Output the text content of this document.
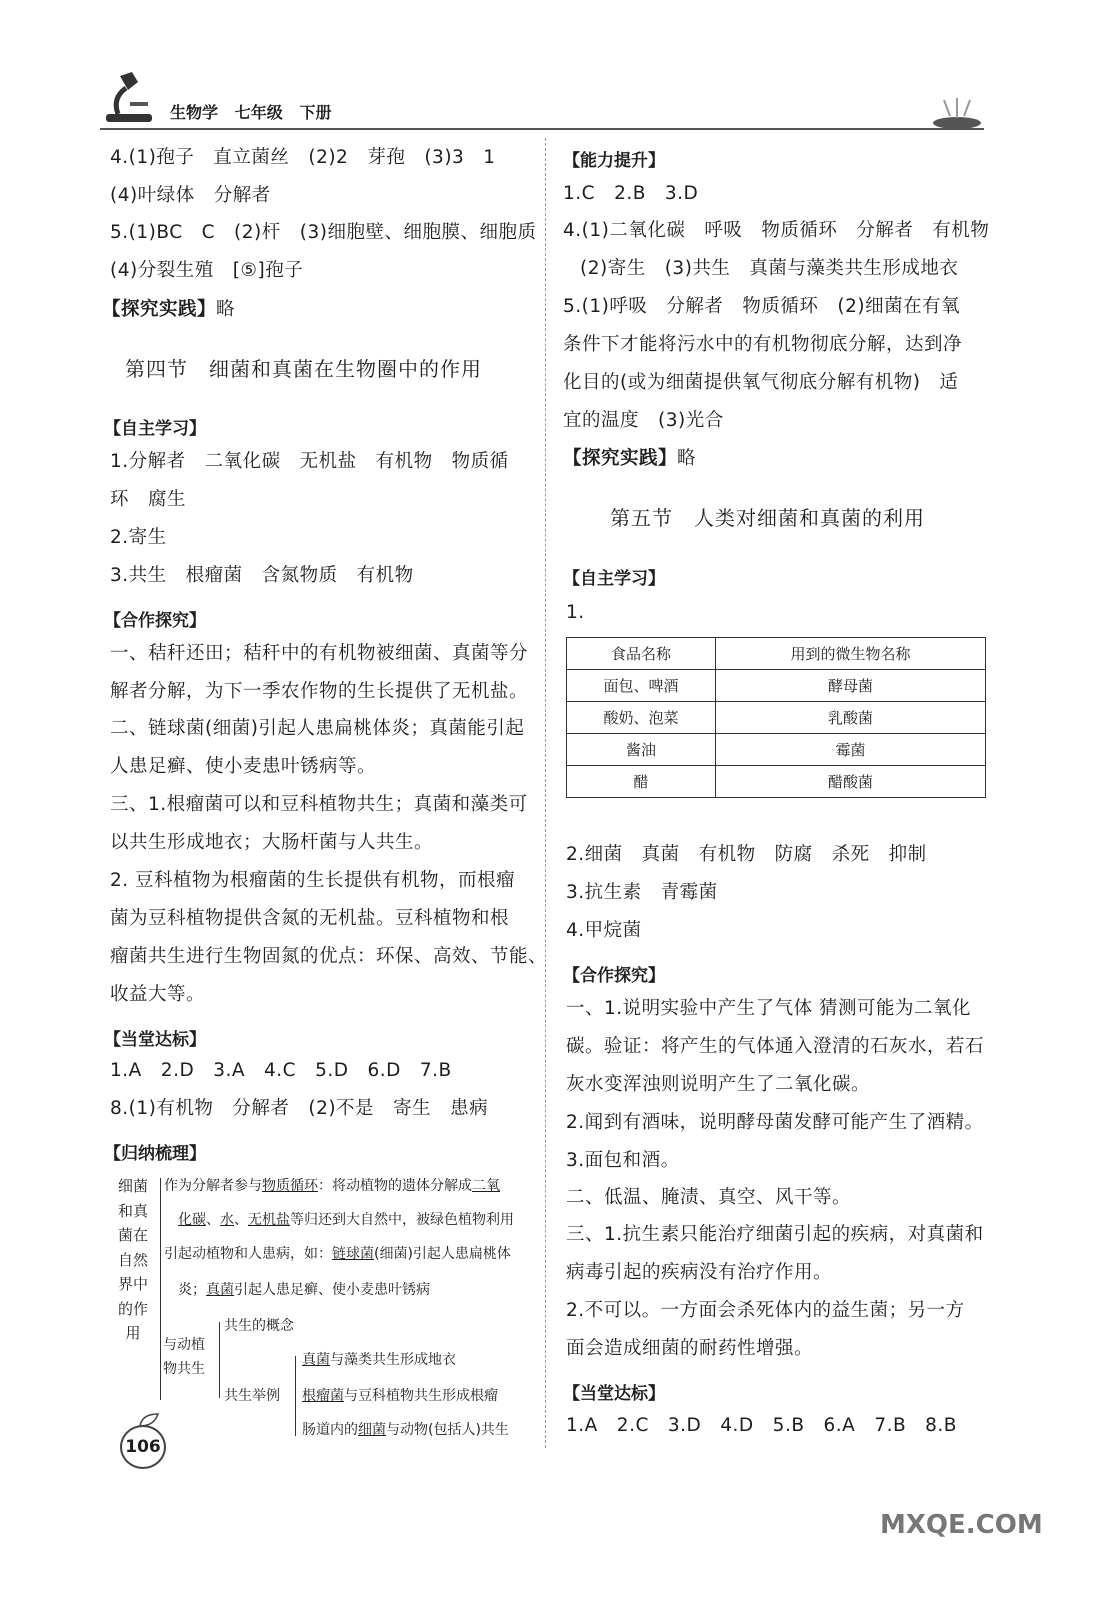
生物学 七年级 下册
4.(1)孢子　直立菌丝　(2)2　芽孢　(3)3　1
(4)叶绿体　分解者
5.(1)BC　C　(2)杆　(3)细胞壁、细胞膜、细胞质
(4)分裂生殖　[⑤]孢子
【探究实践】略
第四节　细菌和真菌在生物圈中的作用
【自主学习】
1.分解者　二氧化碳　无机盐　有机物　物质循
环　腐生
2.寄生
3.共生　根瘤菌　含氮物质　有机物
【合作探究】
一、秸秆还田；秸秆中的有机物被细菌、真菌等分
解者分解，为下一季农作物的生长提供了无机盐。
二、链球菌(细菌)引起人患扁桃体炎；真菌能引起
人患足癣、使小麦患叶锈病等。
三、1.根瘤菌可以和豆科植物共生；真菌和藻类可
以共生形成地衣；大肠杆菌与人共生。
2. 豆科植物为根瘤菌的生长提供有机物，而根瘤
菌为豆科植物提供含氮的无机盐。豆科植物和根
瘤菌共生进行生物固氮的优点：环保、高效、节能、
收益大等。
【当堂达标】
1.A　2.D　3.A　4.C　5.D　6.D　7.B
8.(1)有机物　分解者　(2)不是　寄生　患病
【归纳梳理】
细菌和真菌在自然界中的作用
作为分解者参与物质循环：将动植物的遗体分解成二氧
化碳、水、无机盐等归还到大自然中，被绿色植物利用
引起动植物和人患病，如：链球菌(细菌)引起人患扁桃体
炎；真菌引起人患足癣、使小麦患叶锈病
与动植物共生
共生的概念
共生举例
真菌与藻类共生形成地衣
根瘤菌与豆科植物共生形成根瘤
肠道内的细菌与动物(包括人)共生
【能力提升】
1.C　2.B　3.D
4.(1)二氧化碳　呼吸　物质循环　分解者　有机物
(2)寄生　(3)共生　真菌与藻类共生形成地衣
5.(1)呼吸　分解者　物质循环　(2)细菌在有氧
条件下才能将污水中的有机物彻底分解，达到净
化目的(或为细菌提供氧气彻底分解有机物)　适
宜的温度　(3)光合
【探究实践】略
第五节　人类对细菌和真菌的利用
【自主学习】
1.
食品名称	用到的微生物名称
面包、啤酒	酵母菌
酸奶、泡菜	乳酸菌
酱油	霉菌
醋	醋酸菌
2.细菌　真菌　有机物　防腐　杀死　抑制
3.抗生素　青霉菌
4.甲烷菌
【合作探究】
一、1.说明实验中产生了气体 猜测可能为二氧化
碳。验证：将产生的气体通入澄清的石灰水，若石
灰水变浑浊则说明产生了二氧化碳。
2.闻到有酒味，说明酵母菌发酵可能产生了酒精。
3.面包和酒。
二、低温、腌渍、真空、风干等。
三、1.抗生素只能治疗细菌引起的疾病，对真菌和
病毒引起的疾病没有治疗作用。
2.不可以。一方面会杀死体内的益生菌；另一方
面会造成细菌的耐药性增强。
【当堂达标】
1.A　2.C　3.D　4.D　5.B　6.A　7.B　8.B
106
MXQE.COM
